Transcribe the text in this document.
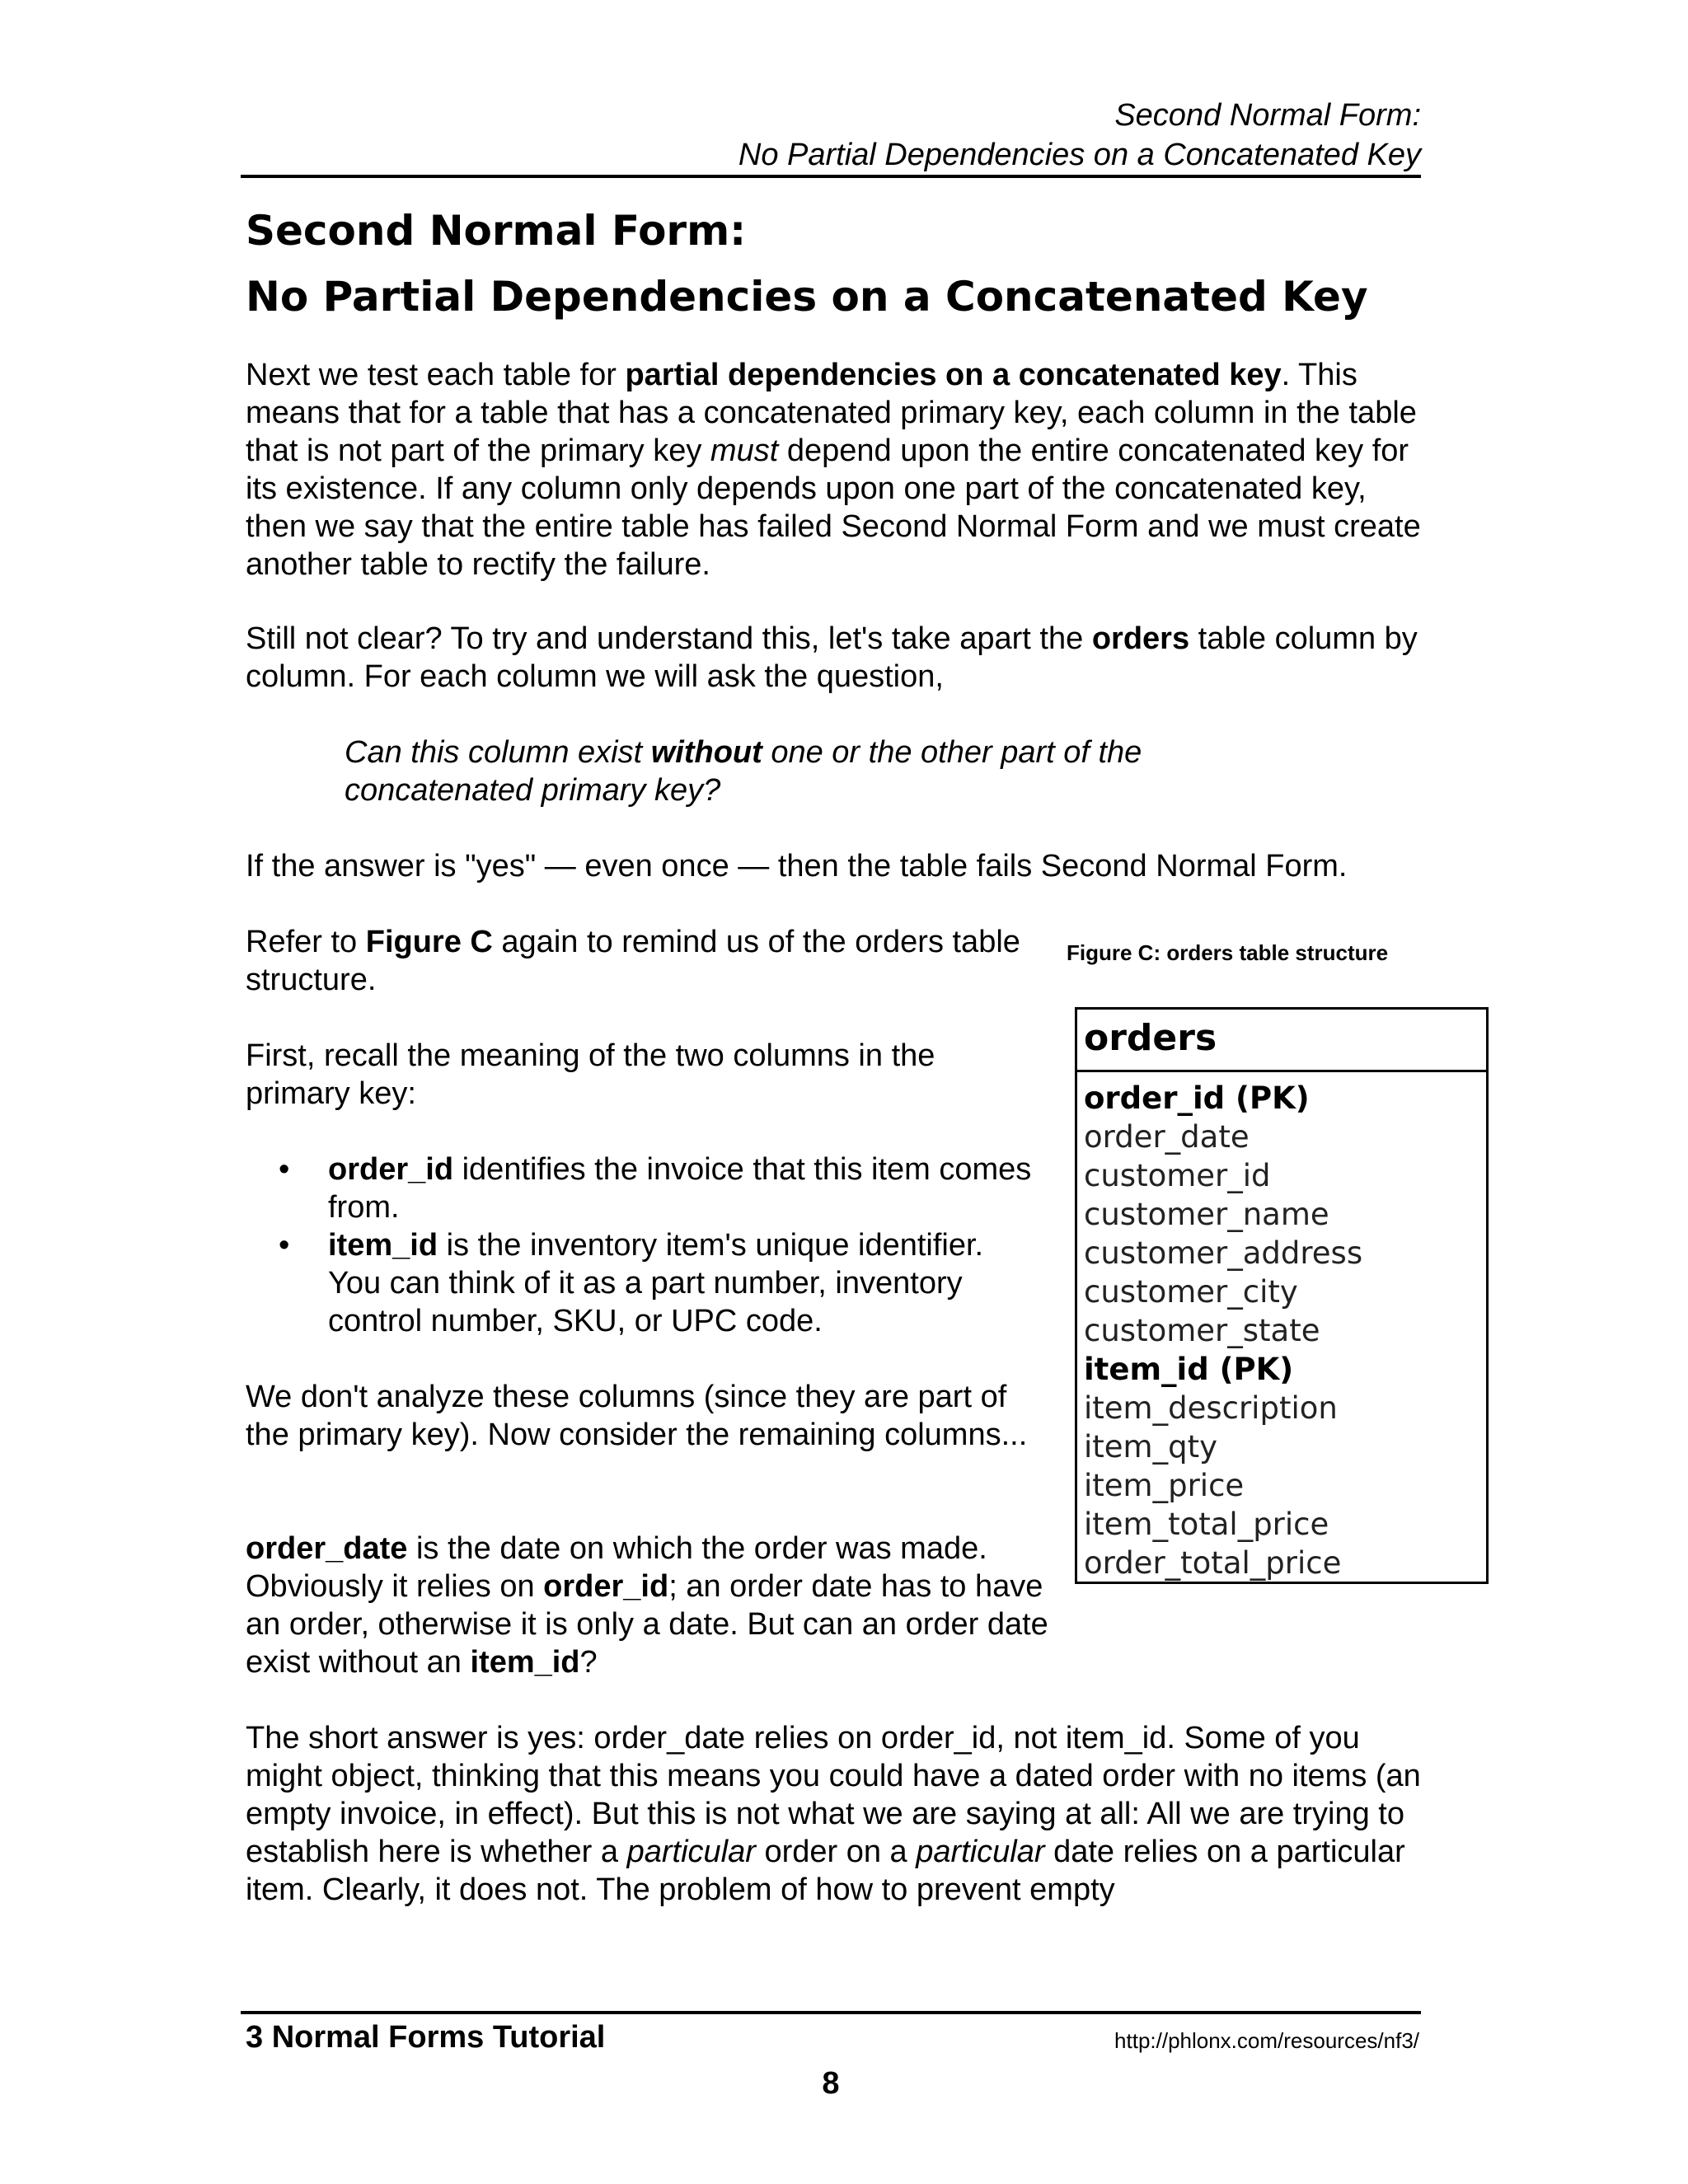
Second Normal Form:
No Partial Dependencies on a Concatenated Key
Second Normal Form:
No Partial Dependencies on a Concatenated Key
Next we test each table for partial dependencies on a concatenated key. This means that for a table that has a concatenated primary key, each column in the table that is not part of the primary key must depend upon the entire concatenated key for its existence. If any column only depends upon one part of the concatenated key, then we say that the entire table has failed Second Normal Form and we must create another table to rectify the failure.
Still not clear? To try and understand this, let's take apart the orders table column by column. For each column we will ask the question,
Can this column exist without one or the other part of the concatenated primary key?
If the answer is "yes" — even once — then the table fails Second Normal Form.
Refer to Figure C again to remind us of the orders table structure.
First, recall the meaning of the two columns in the primary key:
• order_id identifies the invoice that this item comes from.
• item_id is the inventory item's unique identifier. You can think of it as a part number, inventory control number, SKU, or UPC code.
We don't analyze these columns (since they are part of the primary key). Now consider the remaining columns...
order_date is the date on which the order was made. Obviously it relies on order_id; an order date has to have an order, otherwise it is only a date. But can an order date exist without an item_id?
The short answer is yes: order_date relies on order_id, not item_id. Some of you might object, thinking that this means you could have a dated order with no items (an empty invoice, in effect). But this is not what we are saying at all: All we are trying to establish here is whether a particular order on a particular date relies on a particular item. Clearly, it does not. The problem of how to prevent empty
Figure C: orders table structure
orders
order_id (PK)
order_date
customer_id
customer_name
customer_address
customer_city
customer_state
item_id (PK)
item_description
item_qty
item_price
item_total_price
order_total_price
3 Normal Forms Tutorial	http://phlonx.com/resources/nf3/
8
